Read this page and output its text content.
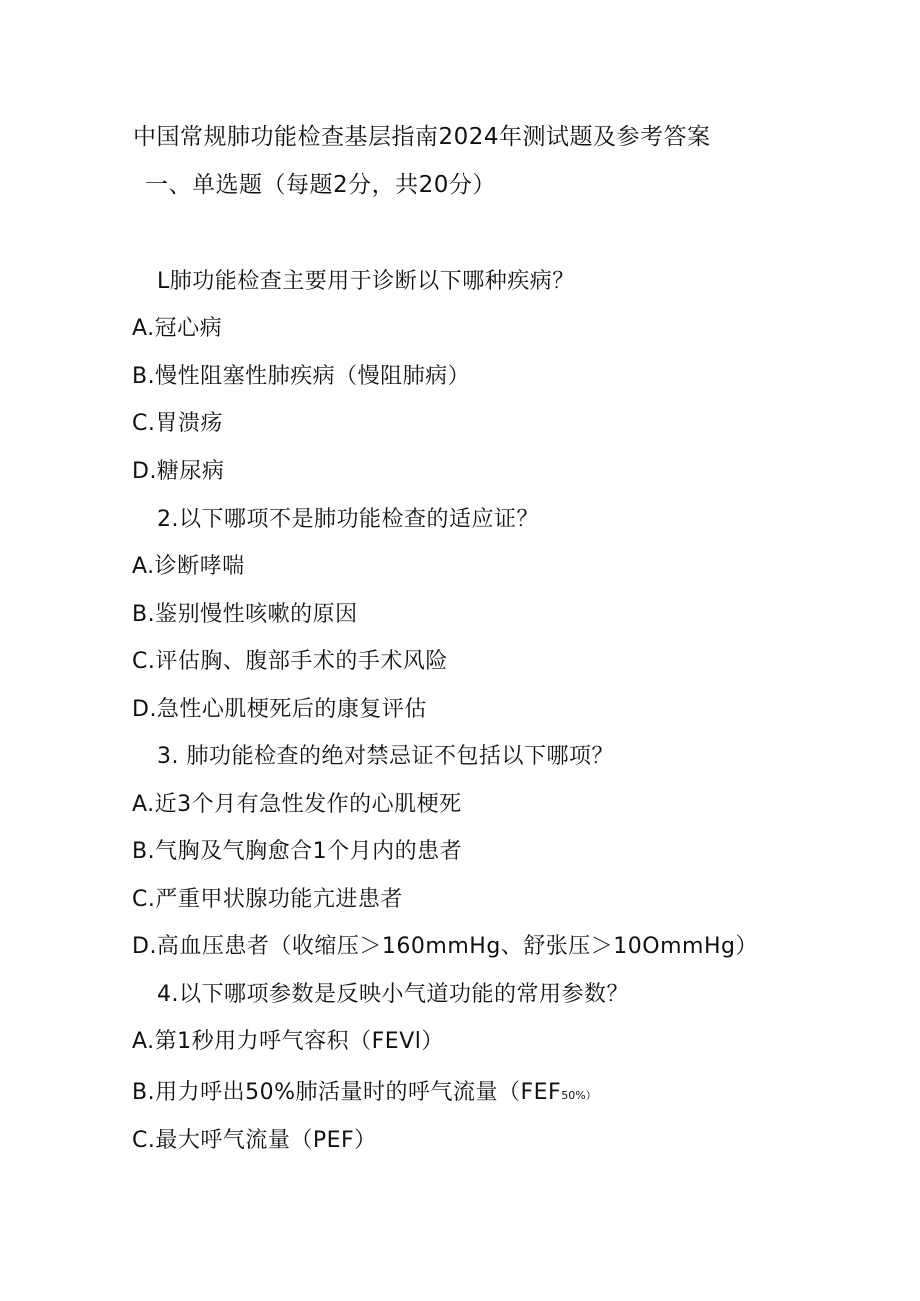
中国常规肺功能检查基层指南2024年测试题及参考答案
一、单选题（每题2分，共20分）
L肺功能检查主要用于诊断以下哪种疾病？
A.冠心病
B.慢性阻塞性肺疾病（慢阻肺病）
C.胃溃疡
D.糖尿病
2.以下哪项不是肺功能检查的适应证？
A.诊断哮喘
B.鉴别慢性咳嗽的原因
C.评估胸、腹部手术的手术风险
D.急性心肌梗死后的康复评估
3. 肺功能检查的绝对禁忌证不包括以下哪项？
A.近3个月有急性发作的心肌梗死
B.气胸及气胸愈合1个月内的患者
C.严重甲状腺功能亢进患者
D.高血压患者（收缩压＞160mmHg、舒张压＞10OmmHg）
4.以下哪项参数是反映小气道功能的常用参数？
A.第1秒用力呼气容积（FEVl）
B.用力呼出50%肺活量时的呼气流量（FEF50%）
C.最大呼气流量（PEF）
